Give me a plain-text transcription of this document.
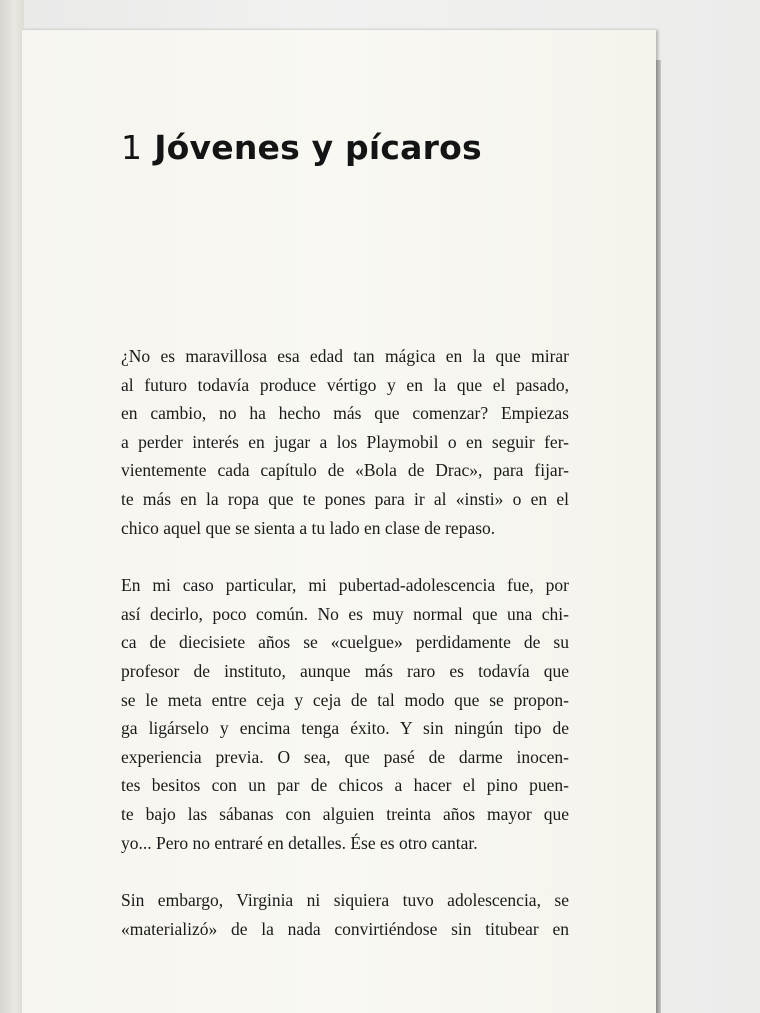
1 Jóvenes y pícaros
¿No es maravillosa esa edad tan mágica en la que mirar
al futuro todavía produce vértigo y en la que el pasado,
en cambio, no ha hecho más que comenzar? Empiezas
a perder interés en jugar a los Playmobil o en seguir fer-
vientemente cada capítulo de «Bola de Drac», para fijar-
te más en la ropa que te pones para ir al «insti» o en el
chico aquel que se sienta a tu lado en clase de repaso.
En mi caso particular, mi pubertad-adolescencia fue, por
así decirlo, poco común. No es muy normal que una chi-
ca de diecisiete años se «cuelgue» perdidamente de su
profesor de instituto, aunque más raro es todavía que
se le meta entre ceja y ceja de tal modo que se propon-
ga ligárselo y encima tenga éxito. Y sin ningún tipo de
experiencia previa. O sea, que pasé de darme inocen-
tes besitos con un par de chicos a hacer el pino puen-
te bajo las sábanas con alguien treinta años mayor que
yo... Pero no entraré en detalles. Ése es otro cantar.
Sin embargo, Virginia ni siquiera tuvo adolescencia, se
«materializó» de la nada convirtiéndose sin titubear en
